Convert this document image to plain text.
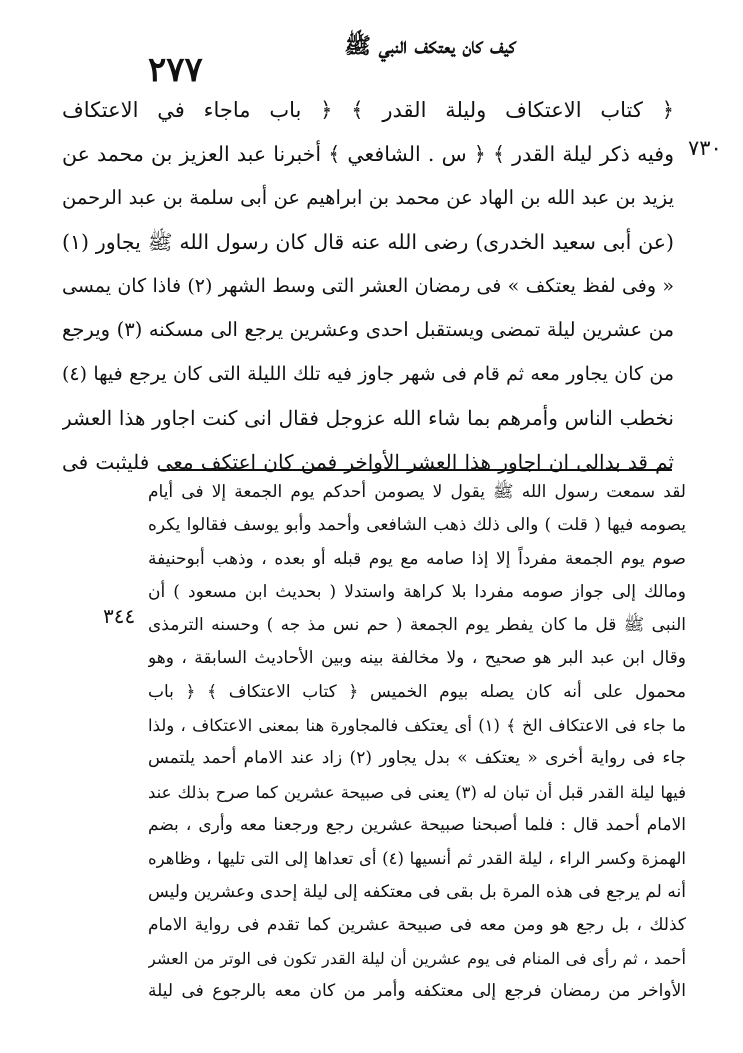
كيف كان يعتكف النبي ﷺ
٢٧٧
﴿ كتاب الاعتكاف وليلة القدر ﴾ ﴿ باب ماجاء في الاعتكاف
وفيه ذكر ليلة القدر ﴾ ﴿ س . الشافعي ﴾ أخبرنا عبد العزيز بن محمد عن
يزيد بن عبد الله بن الهاد عن محمد بن ابراهيم عن أبى سلمة بن عبد الرحمن
(عن أبى سعيد الخدرى) رضى الله عنه قال كان رسول الله ﷺ يجاور (١)
« وفى لفظ يعتكف » فى رمضان العشر التى وسط الشهر (٢) فاذا كان يمسى
من عشرين ليلة تمضى ويستقبل احدى وعشرين يرجع الى مسكنه (٣) ويرجع
من كان يجاور معه ثم قام فى شهر جاوز فيه تلك الليلة التى كان يرجع فيها (٤)
نخطب الناس وأمرهم بما شاء الله عزوجل فقال انى كنت اجاور هذا العشر
ثم قد بدالى ان اجاور هذا العشر الأواخر فمن كان اعتكف معى فليثبت فى
٧٣٠
لقد سمعت رسول الله ﷺ يقول لا يصومن أحدكم يوم الجمعة إلا فى أيام
يصومه فيها ( قلت ) والى ذلك ذهب الشافعى وأحمد وأبو يوسف فقالوا يكره
صوم يوم الجمعة مفرداً إلا إذا صامه مع يوم قبله أو بعده ، وذهب أبوحنيفة
ومالك إلى جواز صومه مفردا بلا كراهة واستدلا ( بحديث ابن مسعود ) أن
النبى ﷺ قل ما كان يفطر يوم الجمعة ( حم نس مذ جه ) وحسنه الترمذى
وقال ابن عبد البر هو صحيح ، ولا مخالفة بينه وبين الأحاديث السابقة ، وهو
محمول على أنه كان يصله بيوم الخميس ﴿ كتاب الاعتكاف ﴾ ﴿ باب
ما جاء فى الاعتكاف الخ ﴾ (١) أى يعتكف فالمجاورة هنا بمعنى الاعتكاف ، ولذا
جاء فى رواية أخرى « يعتكف » بدل يجاور (٢) زاد عند الامام أحمد يلتمس
فيها ليلة القدر قبل أن تبان له (٣) يعنى فى صبيحة عشرين كما صرح بذلك عند
الامام أحمد قال : فلما أصبحنا صبيحة عشرين رجع ورجعنا معه وأرى ، بضم
الهمزة وكسر الراء ، ليلة القدر ثم أنسيها (٤) أى تعداها إلى التى تليها ، وظاهره
أنه لم يرجع فى هذه المرة بل بقى فى معتكفه إلى ليلة إحدى وعشرين وليس
كذلك ، بل رجع هو ومن معه فى صبيحة عشرين كما تقدم فى رواية الامام
أحمد ، ثم رأى فى المنام فى يوم عشرين أن ليلة القدر تكون فى الوتر من العشر
الأواخر من رمضان فرجع إلى معتكفه وأمر من كان معه بالرجوع فى ليلة
٣٤٤
